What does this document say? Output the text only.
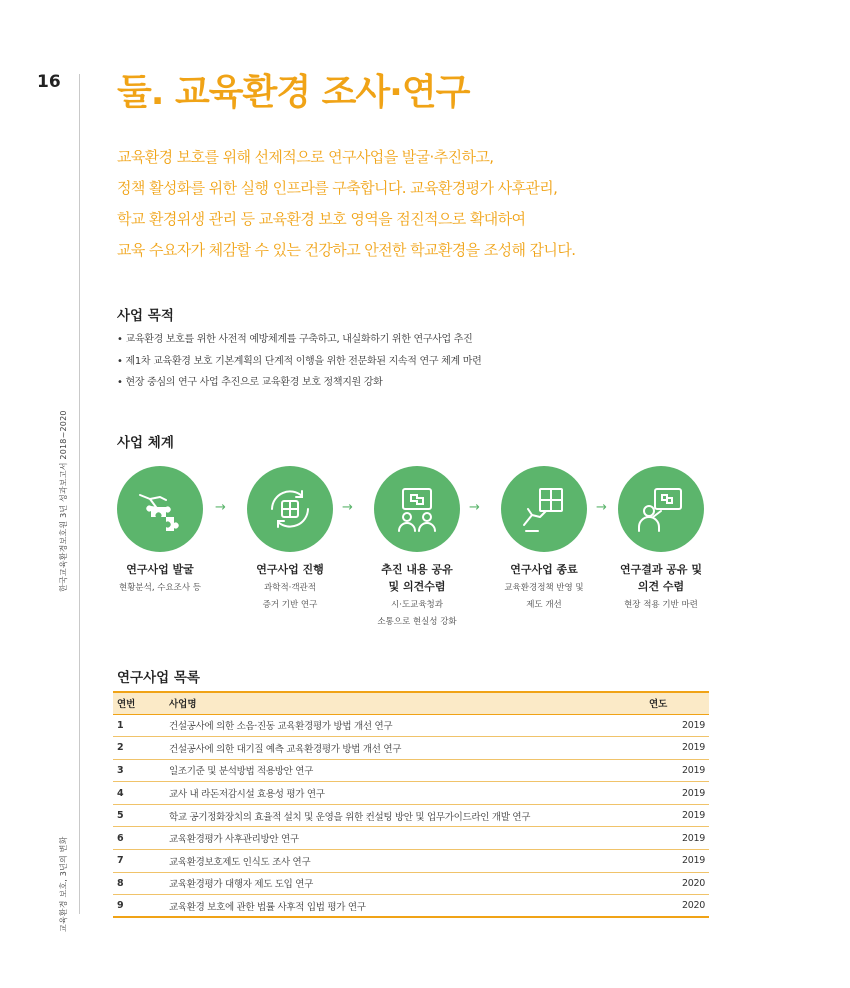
16
한국교육환경보호원 3년 성과보고서 2018~2020
교육환경 보호, 3년의 변화
둘. 교육환경 조사·연구

교육환경 보호를 위해 선제적으로 연구사업을 발굴·추진하고,

정책 활성화를 위한 실행 인프라를 구축합니다. 교육환경평가 사후관리,

학교 환경위생 관리 등 교육환경 보호 영역을 점진적으로 확대하여

교육 수요자가 체감할 수 있는 건강하고 안전한 학교환경을 조성해 갑니다.

사업 목적
• 교육환경 보호를 위한 사전적 예방체계를 구축하고, 내실화하기 위한 연구사업 추진
• 제1차 교육환경 보호 기본계획의 단계적 이행을 위한 전문화된 지속적 연구 체계 마련
• 현장 중심의 연구 사업 추진으로 교육환경 보호 정책지원 강화
사업 체계
연구사업 발굴
현황분석, 수요조사 등
→
연구사업 진행
과학적·객관적
증거 기반 연구
→
추진 내용 공유
및 의견수렴
시·도교육청과
소통으로 현실성 강화
→
연구사업 종료
교육환경정책 반영 및
제도 개선
→
연구결과 공유 및
의견 수렴
현장 적용 기반 마련
연구사업 목록
연번	사업명	연도
1	건설공사에 의한 소음·진동 교육환경평가 방법 개선 연구	2019
2	건설공사에 의한 대기질 예측 교육환경평가 방법 개선 연구	2019
3	일조기준 및 분석방법 적용방안 연구	2019
4	교사 내 라돈저감시설 효용성 평가 연구	2019
5	학교 공기정화장치의 효율적 설치 및 운영을 위한 컨설팅 방안 및 업무가이드라인 개발 연구	2019
6	교육환경평가 사후관리방안 연구	2019
7	교육환경보호제도 인식도 조사 연구	2019
8	교육환경평가 대행자 제도 도입 연구	2020
9	교육환경 보호에 관한 법률 사후적 입법 평가 연구	2020
